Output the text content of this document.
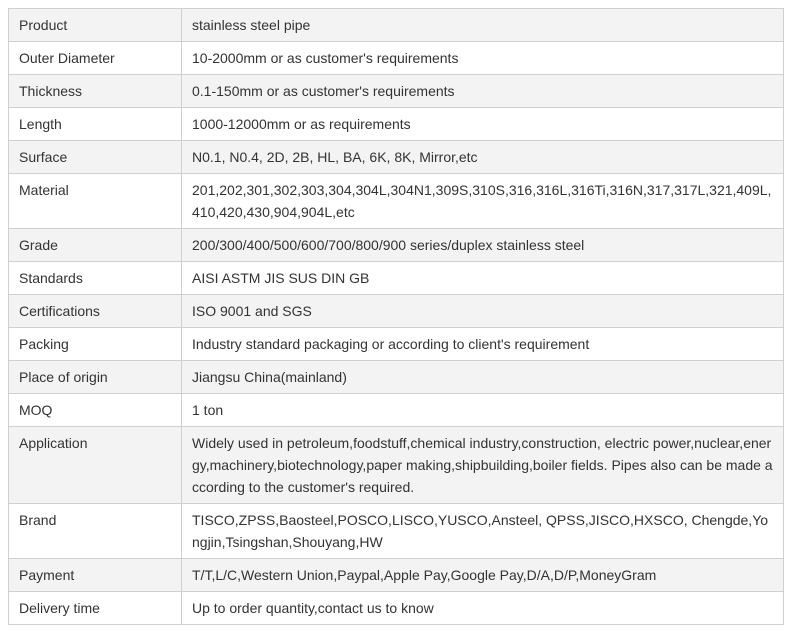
Product	stainless steel pipe
Outer Diameter	10-2000mm or as customer's requirements
Thickness	0.1-150mm or as customer's requirements
Length	1000-12000mm or as requirements
Surface	N0.1, N0.4, 2D, 2B, HL, BA, 6K, 8K, Mirror,etc
Material	201,202,301,302,303,304,304L,304N1,309S,310S,316,316L,316Ti,316N,317,317L,321,409L,410,420,430,904,904L,etc
Grade	200/300/400/500/600/700/800/900 series/duplex stainless steel
Standards	AISI ASTM JIS SUS DIN GB
Certifications	ISO 9001 and SGS
Packing	Industry standard packaging or according to client's requirement
Place of origin	Jiangsu China(mainland)
MOQ	1 ton
Application	Widely used in petroleum,foodstuff,chemical industry,construction, electric power,nuclear,energy,machinery,biotechnology,paper making,shipbuilding,boiler fields. Pipes also can be made according to the customer's required.
Brand	TISCO,ZPSS,Baosteel,POSCO,LISCO,YUSCO,Ansteel, QPSS,JISCO,HXSCO, Chengde,Yongjin,Tsingshan,Shouyang,HW
Payment	T/T,L/C,Western Union,Paypal,Apple Pay,Google Pay,D/A,D/P,MoneyGram
Delivery time	Up to order quantity,contact us to know
